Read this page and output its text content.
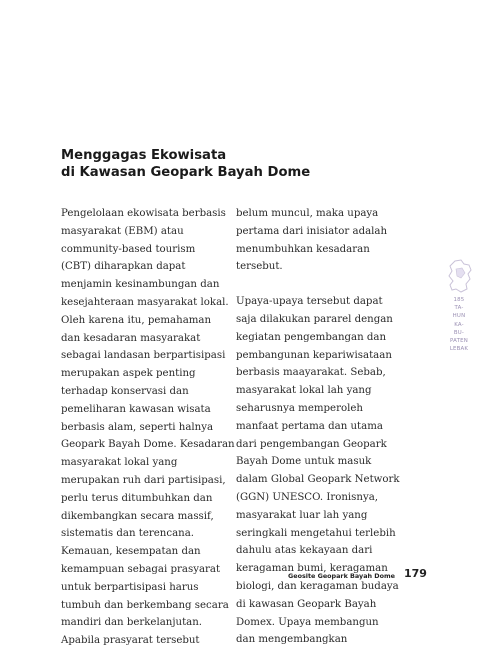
Menggagas Ekowisata
di Kawasan Geopark Bayah Dome
Pengelolaan ekowisata berbasis
masyarakat (EBM) atau
community-based tourism
(CBT) diharapkan dapat
menjamin kesinambungan dan
kesejahteraan masyarakat lokal.
Oleh karena itu, pemahaman
dan kesadaran masyarakat
sebagai landasan berpartisipasi
merupakan aspek penting
terhadap konservasi dan
pemeliharan kawasan wisata
berbasis alam, seperti halnya
Geopark Bayah Dome. Kesadaran
masyarakat lokal yang
merupakan ruh dari partisipasi,
perlu terus ditumbuhkan dan
dikembangkan secara massif,
sistematis dan terencana.
Kemauan, kesempatan dan
kemampuan sebagai prasyarat
untuk berpartisipasi harus
tumbuh dan berkembang secara
mandiri dan berkelanjutan.
Apabila prasyarat tersebut
belum muncul, maka upaya
pertama dari inisiator adalah
menumbuhkan kesadaran
tersebut.
Upaya-upaya tersebut dapat
saja dilakukan pararel dengan
kegiatan pengembangan dan
pembangunan kepariwisataan
berbasis maayarakat. Sebab,
masyarakat lokal lah yang
seharusnya memperoleh
manfaat pertama dan utama
dari pengembangan Geopark
Bayah Dome untuk masuk
dalam Global Geopark Network
(GGN) UNESCO. Ironisnya,
masyarakat luar lah yang
seringkali mengetahui terlebih
dahulu atas kekayaan dari
keragaman bumi, keragaman
biologi, dan keragaman budaya
di kawasan Geopark Bayah
Domex. Upaya membangun
dan mengembangkan
185
TA-
HUN
KA-
BU-
PATEN
LEBAK
Geosite Geopark Bayah Dome 179
